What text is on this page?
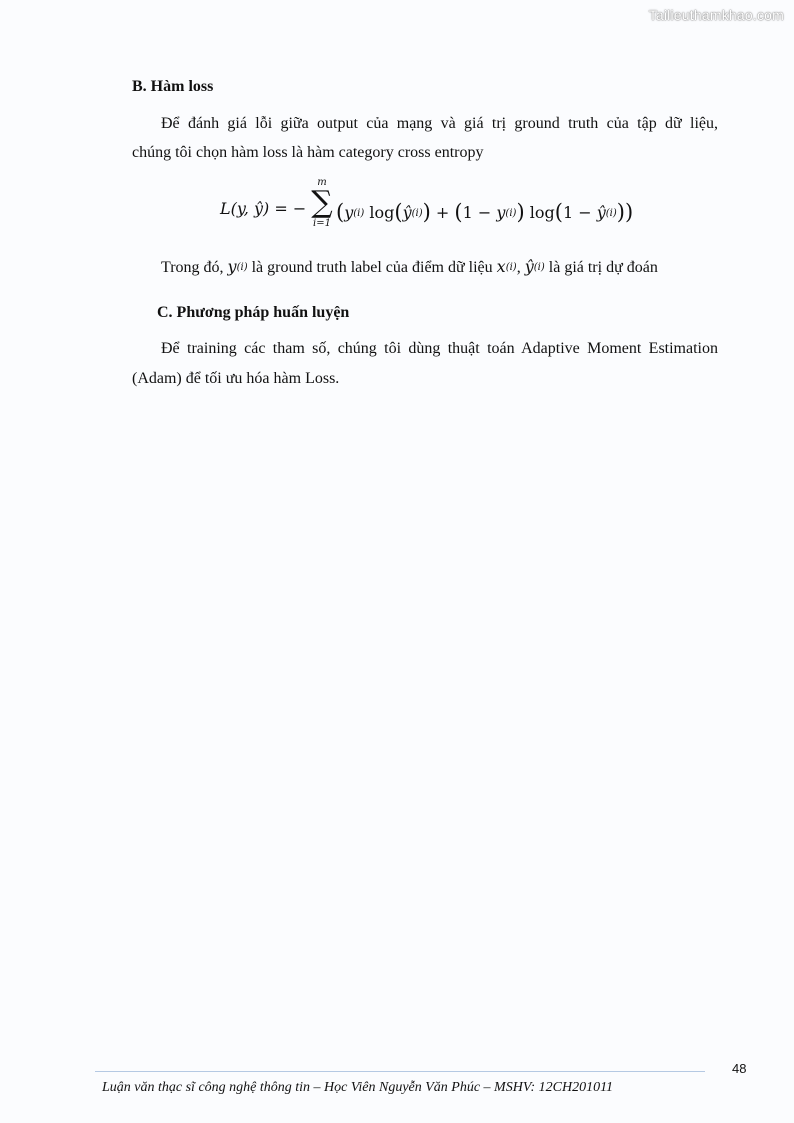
Tailieuthamkhao.com
B. Hàm loss
Để đánh giá lỗi giữa output của mạng và giá trị ground truth của tập dữ liệu,
chúng tôi chọn hàm loss là hàm category cross entropy
L(y, ŷ) = −
m
∑
i=1 ($y^{(i)}$ $\log(ŷ^{(i)}) + (1 - y^{(i)}) \log(1$ − $ŷ^{(i)}$))
Trong đó, $y^{(i)}$ là ground truth label của điểm dữ liệu $x^{(i)}$, $ŷ^{(i)}$ là giá trị dự đoán
C. Phương pháp huấn luyện
Để training các tham số, chúng tôi dùng thuật toán Adaptive Moment Estimation
(Adam) để tối ưu hóa hàm Loss.
48
Luận văn thạc sĩ công nghệ thông tin – Học Viên Nguyễn Văn Phúc – MSHV: 12CH201011
